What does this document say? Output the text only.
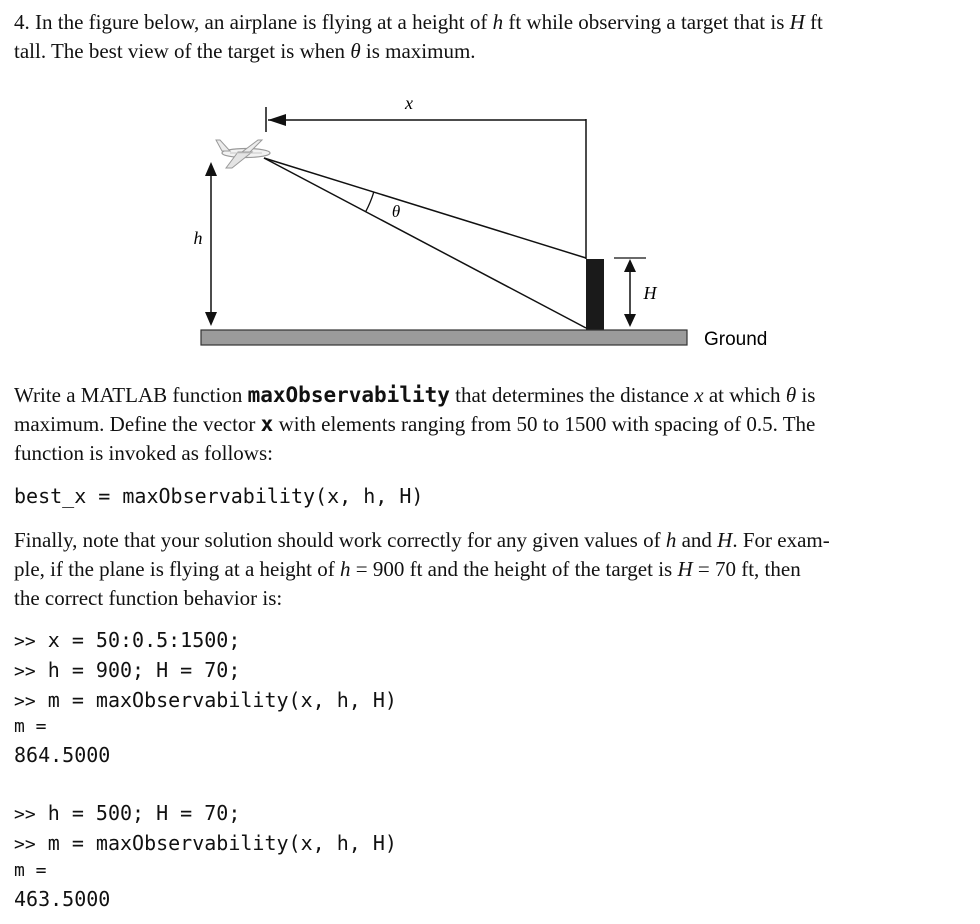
4. In the figure below, an airplane is flying at a height of h ft while observing a target that is H ft
tall. The best view of the target is when θ is maximum.
x
θ
h
H
Ground
Write a MATLAB function maxObservability that determines the distance x at which θ is
maximum. Define the vector x with elements ranging from 50 to 1500 with spacing of 0.5. The
function is invoked as follows:
best_x = maxObservability(x, h, H)
Finally, note that your solution should work correctly for any given values of h and H. For exam-
ple, if the plane is flying at a height of h = 900 ft and the height of the target is H = 70 ft, then
the correct function behavior is:
>> x = 50:0.5:1500;
>> h = 900; H = 70;
>> m = maxObservability(x, h, H)
m =
864.5000
>> h = 500; H = 70;
>> m = maxObservability(x, h, H)
m =
463.5000
